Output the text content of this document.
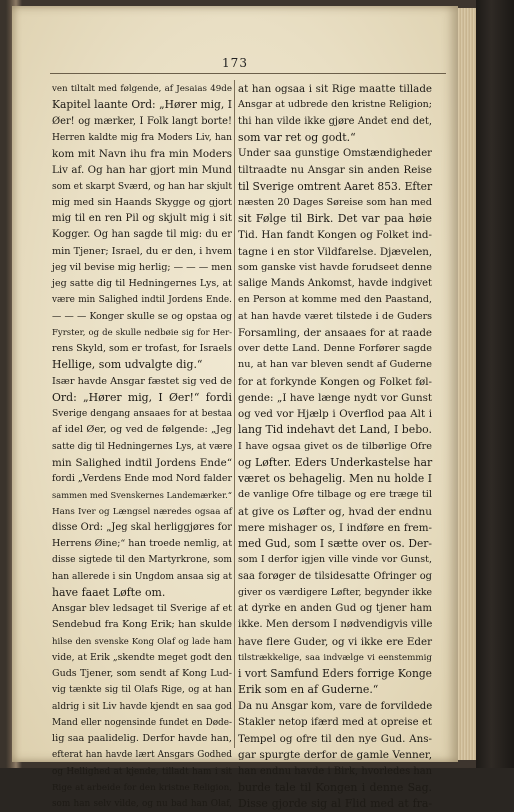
173
ven tiltalt med følgende, af Jesaias 49de
Kapitel laante Ord: „Hører mig, I
Øer! og mærker, I Folk langt borte!
Herren kaldte mig fra Moders Liv, han
kom mit Navn ihu fra min Moders
Liv af. Og han har gjort min Mund
som et skarpt Sværd, og han har skjult
mig med sin Haands Skygge og gjort
mig til en ren Pil og skjult mig i sit
Kogger. Og han sagde til mig: du er
min Tjener; Israel, du er den, i hvem
jeg vil bevise mig herlig; — — — men
jeg satte dig til Hedningernes Lys, at
være min Salighed indtil Jordens Ende.
— — — Konger skulle se og opstaa og
Fyrster, og de skulle nedbøie sig for Her-
rens Skyld, som er trofast, for Israels
Hellige, som udvalgte dig.“
Især havde Ansgar fæstet sig ved de
Ord: „Hører mig, I Øer!“ fordi
Sverige dengang ansaaes for at bestaa
af idel Øer, og ved de følgende: „Jeg
satte dig til Hedningernes Lys, at være
min Salighed indtil Jordens Ende“
fordi „Verdens Ende mod Nord falder
sammen med Svenskernes Landemærker.“
Hans Iver og Længsel næredes ogsaa af
disse Ord: „Jeg skal herliggjøres for
Herrens Øine;“ han troede nemlig, at
disse sigtede til den Martyrkrone, som
han allerede i sin Ungdom ansaa sig at
have faaet Løfte om.
Ansgar blev ledsaget til Sverige af et
Sendebud fra Kong Erik; han skulde
hilse den svenske Kong Olaf og lade ham
vide, at Erik „skendte meget godt den
Guds Tjener, som sendt af Kong Lud-
vig tænkte sig til Olafs Rige, og at han
aldrig i sit Liv havde kjendt en saa god
Mand eller nogensinde fundet en Døde-
lig saa paalidelig. Derfor havde han,
efterat han havde lært Ansgars Godhed
og Hellighed at kjende, tilladt ham i sit
Rige at arbeide for den kristne Religion,
som han selv vilde, og nu bad han Olaf,
at han ogsaa i sit Rige maatte tillade
Ansgar at udbrede den kristne Religion;
thi han vilde ikke gjøre Andet end det,
som var ret og godt.“
Under saa gunstige Omstændigheder
tiltraadte nu Ansgar sin anden Reise
til Sverige omtrent Aaret 853. Efter
næsten 20 Dages Søreise som han med
sit Følge til Birk. Det var paa høie
Tid. Han fandt Kongen og Folket ind-
tagne i en stor Vildfarelse. Djævelen,
som ganske vist havde forudseet denne
salige Mands Ankomst, havde indgivet
en Person at komme med den Paastand,
at han havde været tilstede i de Guders
Forsamling, der ansaaes for at raade
over dette Land. Denne Forfører sagde
nu, at han var bleven sendt af Guderne
for at forkynde Kongen og Folket føl-
gende: „I have længe nydt vor Gunst
og ved vor Hjælp i Overflod paa Alt i
lang Tid indehavt det Land, I bebo.
I have ogsaa givet os de tilbørlige Ofre
og Løfter. Eders Underkastelse har
været os behagelig. Men nu holde I
de vanlige Ofre tilbage og ere træge til
at give os Løfter og, hvad der endnu
mere mishager os, I indføre en frem-
med Gud, som I sætte over os. Der-
som I derfor igjen ville vinde vor Gunst,
saa forøger de tilsidesatte Ofringer og
giver os værdigere Løfter, begynder ikke
at dyrke en anden Gud og tjener ham
ikke. Men dersom I nødvendigvis ville
have flere Guder, og vi ikke ere Eder
tilstrækkelige, saa indvælge vi eenstemmig
i vort Samfund Eders forrige Konge
Erik som en af Guderne.“
Da nu Ansgar kom, vare de forvildede
Stakler netop ifærd med at opreise et
Tempel og ofre til den nye Gud. Ans-
gar spurgte derfor de gamle Venner,
han endnu havde i Birk, hvorledes han
burde tale til Kongen i denne Sag.
Disse gjorde sig al Flid med at fra-
